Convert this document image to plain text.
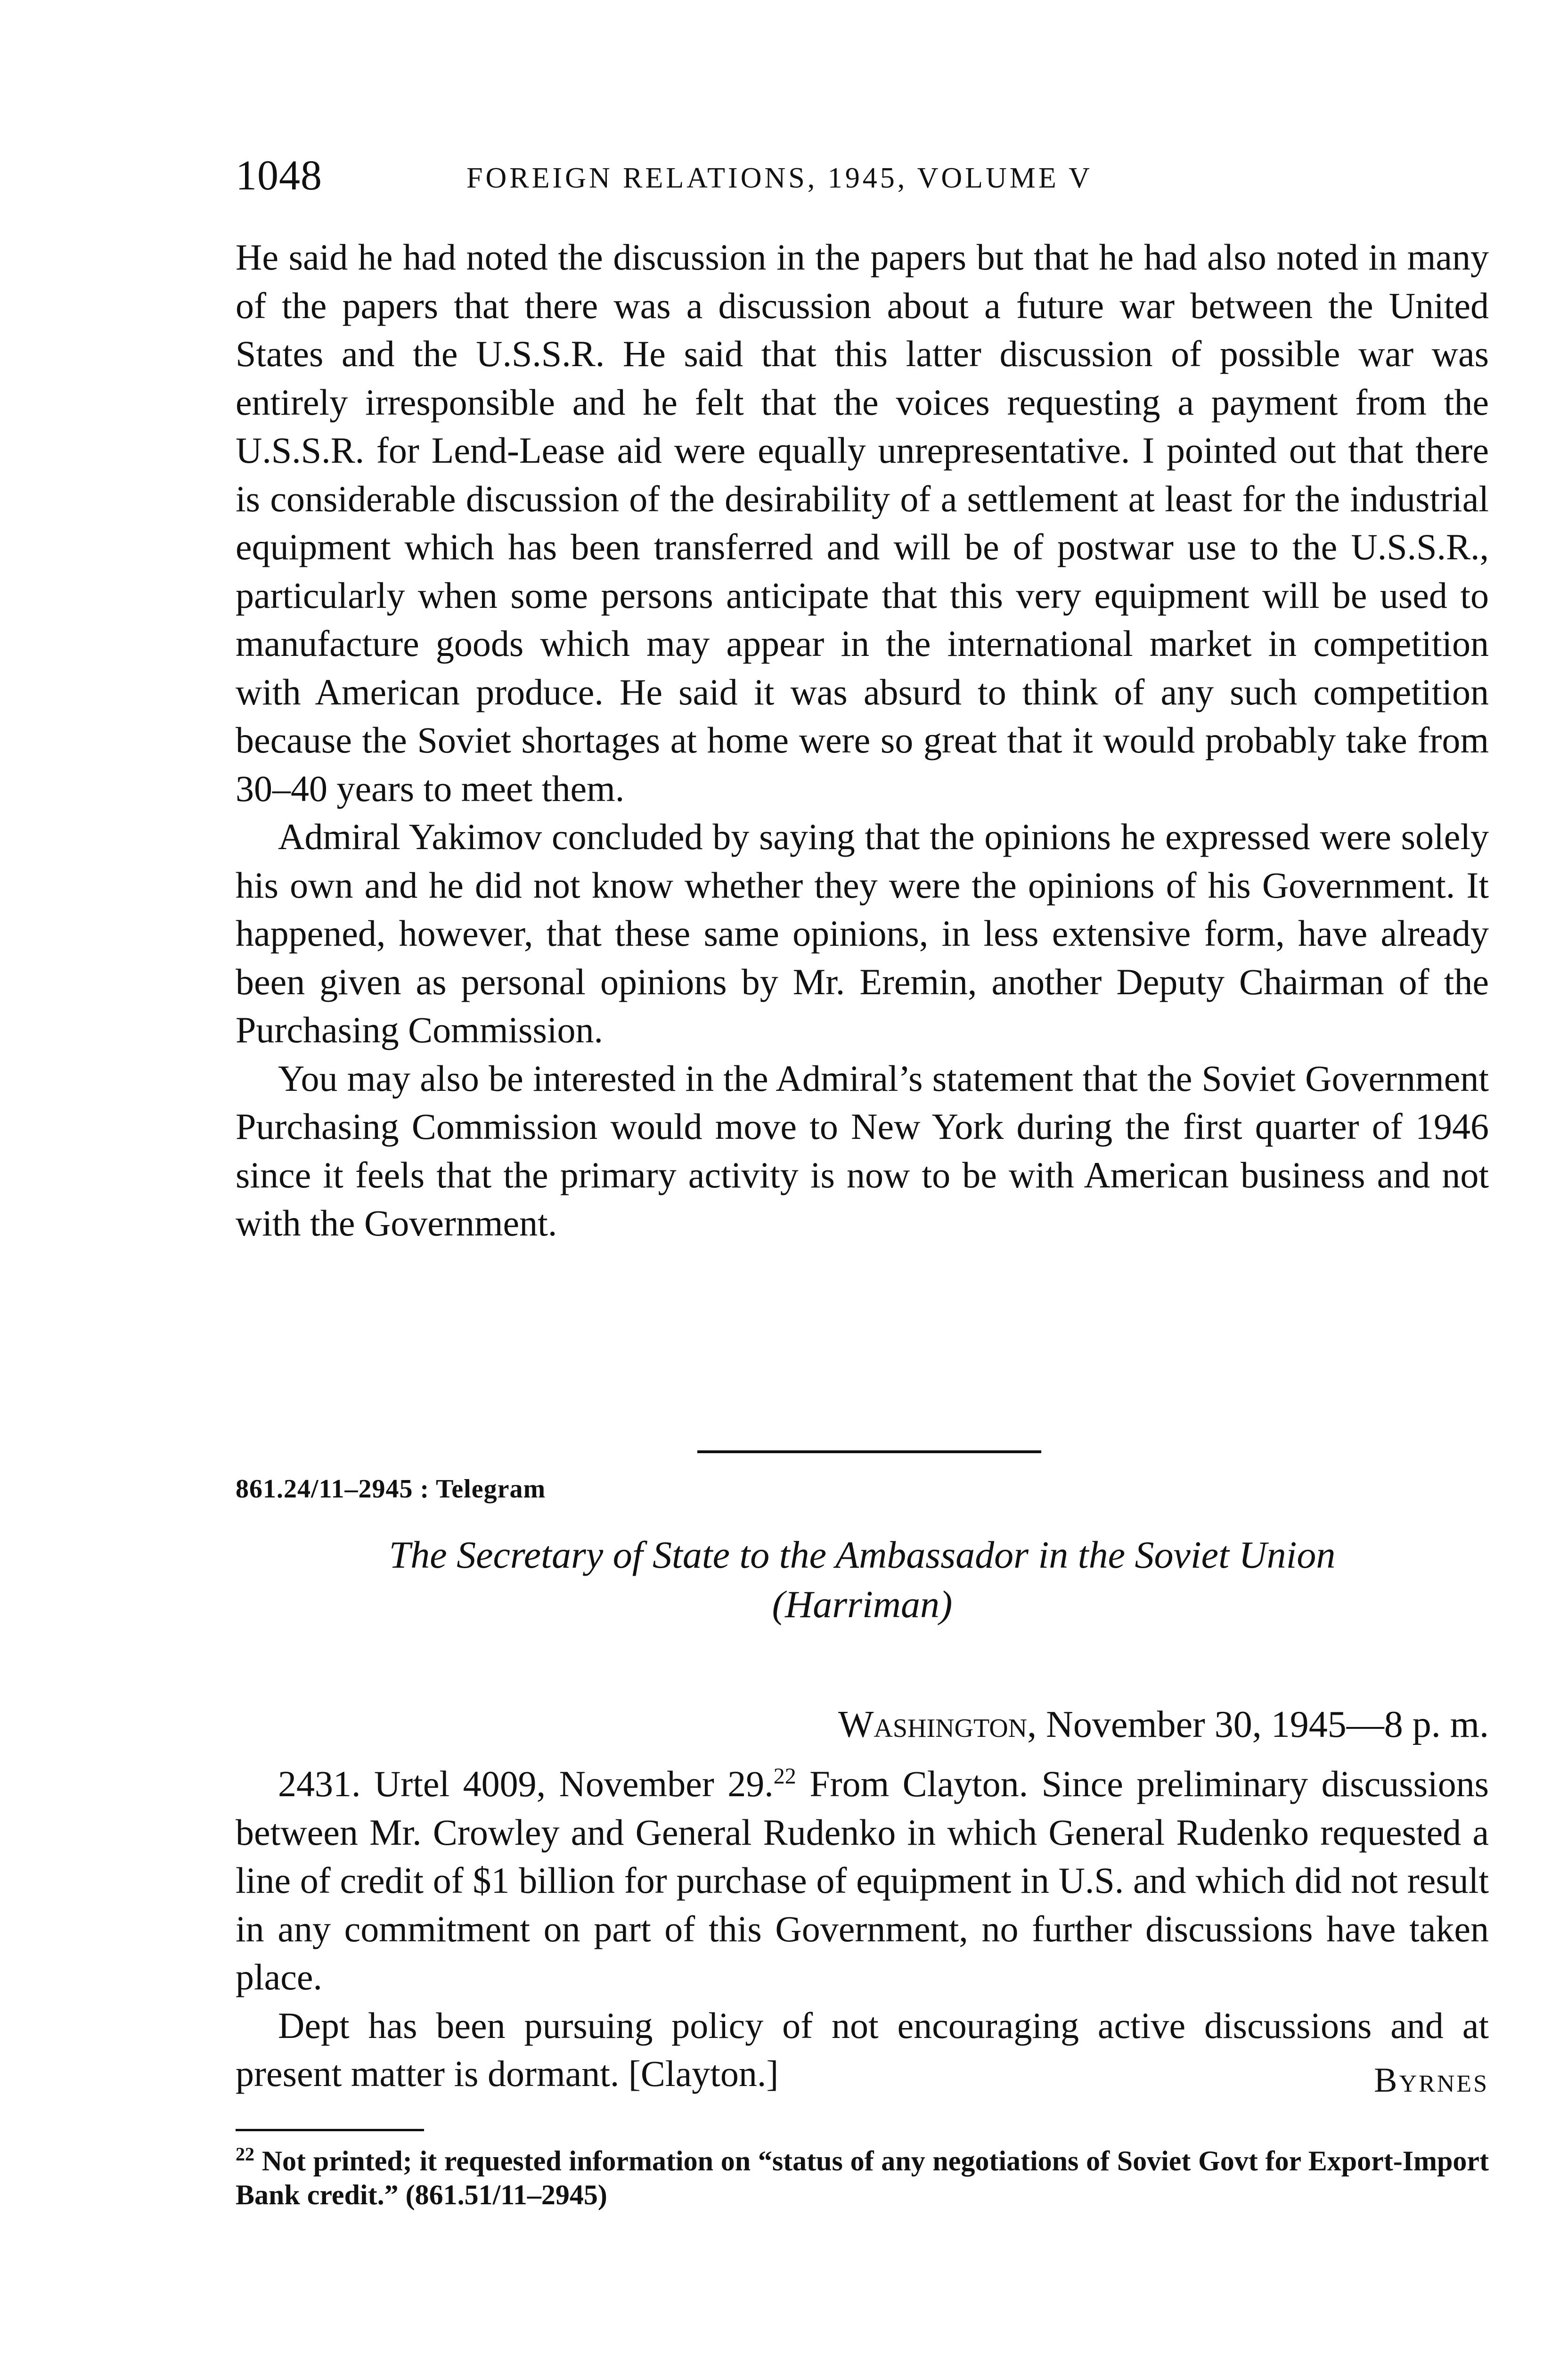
1048	FOREIGN RELATIONS, 1945, VOLUME V

He said he had noted the discussion in the papers but that he had also noted in many of the papers that there was a discussion about a future war between the United States and the U.S.S.R. He said that this latter discussion of possible war was entirely irresponsible and he felt that the voices requesting a payment from the U.S.S.R. for Lend-Lease aid were equally unrepresentative. I pointed out that there is considerable discussion of the desirability of a settlement at least for the industrial equipment which has been transferred and will be of postwar use to the U.S.S.R., particularly when some persons anticipate that this very equipment will be used to manufacture goods which may appear in the international market in competition with American produce. He said it was absurd to think of any such competition because the Soviet shortages at home were so great that it would probably take from 30–40 years to meet them.

Admiral Yakimov concluded by saying that the opinions he expressed were solely his own and he did not know whether they were the opinions of his Government. It happened, however, that these same opinions, in less extensive form, have already been given as personal opinions by Mr. Eremin, another Deputy Chairman of the Purchasing Commission.

You may also be interested in the Admiral’s statement that the Soviet Government Purchasing Commission would move to New York during the first quarter of 1946 since it feels that the primary activity is now to be with American business and not with the Government.

861.24/11–2945 : Telegram
The Secretary of State to the Ambassador in the Soviet Union
(Harriman)
Washington, November 30, 1945—8 p. m.

2431. Urtel 4009, November 29.22 From Clayton. Since preliminary discussions between Mr. Crowley and General Rudenko in which General Rudenko requested a line of credit of $1 billion for purchase of equipment in U.S. and which did not result in any commitment on part of this Government, no further discussions have taken place.

Dept has been pursuing policy of not encouraging active discussions and at present matter is dormant. [Clayton.]	Byrnes

$^{22}$ Not printed; it requested information on “status of any negotiations of Soviet Govt for Export-Import Bank credit.” (861.51/11–2945)
